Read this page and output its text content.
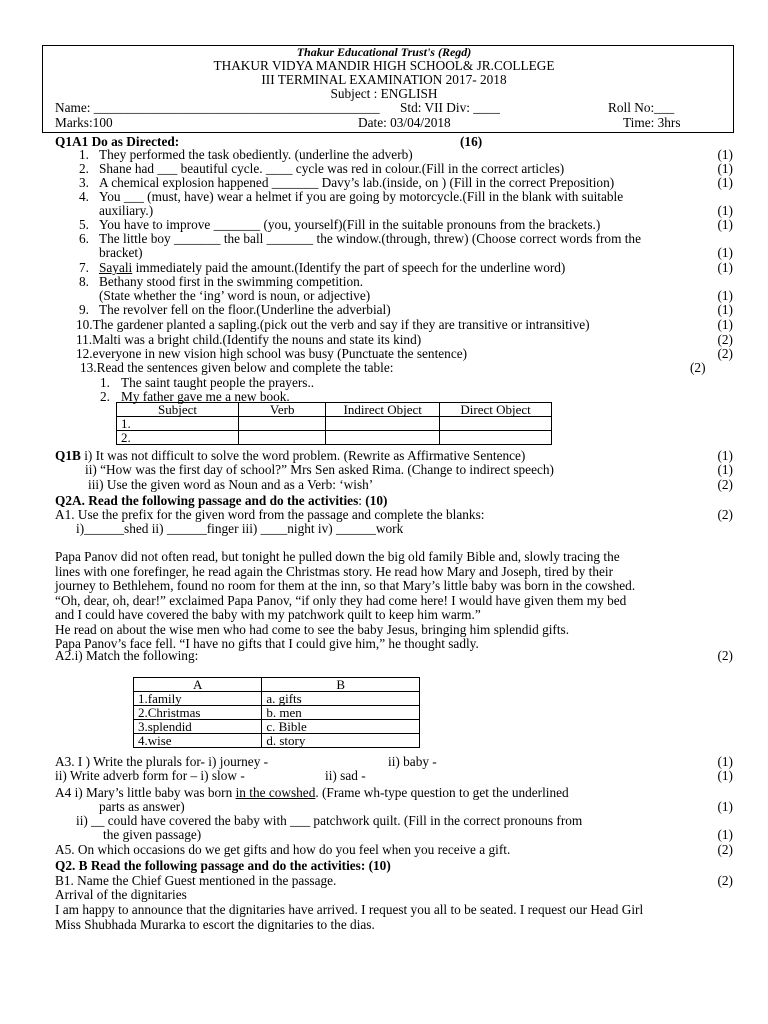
Thakur Educational Trust's (Regd)
THAKUR VIDYA MANDIR HIGH SCHOOL& JR.COLLEGE
III TERMINAL EXAMINATION 2017- 2018
Subject : ENGLISH
Name: ___________________________________________ Std: VII Div: ____	Roll No:___
Marks:100	Date: 03/04/2018	Time: 3hrs
Q1A1 Do as Directed:	(16)
1. They performed the task obediently. (underline the adverb)	(1)
2. Shane had ___ beautiful cycle. ____ cycle was red in colour.(Fill in the correct articles)	(1)
3. A chemical explosion happened _______ Davy’s lab.(inside, on ) (Fill in the correct Preposition)	(1)
4. You ___ (must, have) wear a helmet if you are going by motorcycle.(Fill in the blank with suitable
auxiliary.)	(1)
5. You have to improve _______ (you, yourself)(Fill in the suitable pronouns from the brackets.)	(1)
6. The little boy _______ the ball _______ the window.(through, threw) (Choose correct words from the
bracket)	(1)
7. Sayali immediately paid the amount.(Identify the part of speech for the underline word)	(1)
8. Bethany stood first in the swimming competition.
(State whether the ‘ing’ word is noun, or adjective)	(1)
9. The revolver fell on the floor.(Underline the adverbial)	(1)
10.The gardener planted a sapling.(pick out the verb and say if they are transitive or intransitive)	(1)
11.Malti was a bright child.(Identify the nouns and state its kind)	(2)
12.everyone in new vision high school was busy (Punctuate the sentence)	(2)
13.Read the sentences given below and complete the table:	(2)
1. The saint taught people the prayers..
2. My father gave me a new book.
Subject	Verb	Indirect Object	Direct Object
1.			
2.			
Q1B i) It was not difficult to solve the word problem. (Rewrite as Affirmative Sentence)	(1)
ii) “How was the first day of school?” Mrs Sen asked Rima. (Change to indirect speech)	(1)
iii) Use the given word as Noun and as a Verb: ‘wish’	(2)
Q2A. Read the following passage and do the activities: (10)
A1. Use the prefix for the given word from the passage and complete the blanks:	(2)
i)______shed ii) ______finger iii) ____night iv) ______work
Papa Panov did not often read, but tonight he pulled down the big old family Bible and, slowly tracing the
lines with one forefinger, he read again the Christmas story. He read how Mary and Joseph, tired by their
journey to Bethlehem, found no room for them at the inn, so that Mary’s little baby was born in the cowshed.
“Oh, dear, oh, dear!” exclaimed Papa Panov, “if only they had come here! I would have given them my bed
and I could have covered the baby with my patchwork quilt to keep him warm.”
He read on about the wise men who had come to see the baby Jesus, bringing him splendid gifts.
Papa Panov’s face fell. “I have no gifts that I could give him,” he thought sadly.
A2.i) Match the following:	(2)
A	B
1.family	a. gifts
2.Christmas	b. men
3.splendid	c. Bible
4.wise	d. story
A3. I ) Write the plurals for- i) journey -	ii) baby -	(1)
ii) Write adverb form for – i) slow -	ii) sad -	(1)
A4 i) Mary’s little baby was born in the cowshed. (Frame wh-type question to get the underlined
parts as answer)	(1)
ii) __ could have covered the baby with ___ patchwork quilt. (Fill in the correct pronouns from
the given passage)	(1)
A5. On which occasions do we get gifts and how do you feel when you receive a gift.	(2)
Q2. B Read the following passage and do the activities: (10)
B1. Name the Chief Guest mentioned in the passage.	(2)
Arrival of the dignitaries
I am happy to announce that the dignitaries have arrived. I request you all to be seated. I request our Head Girl
Miss Shubhada Murarka to escort the dignitaries to the dias.
